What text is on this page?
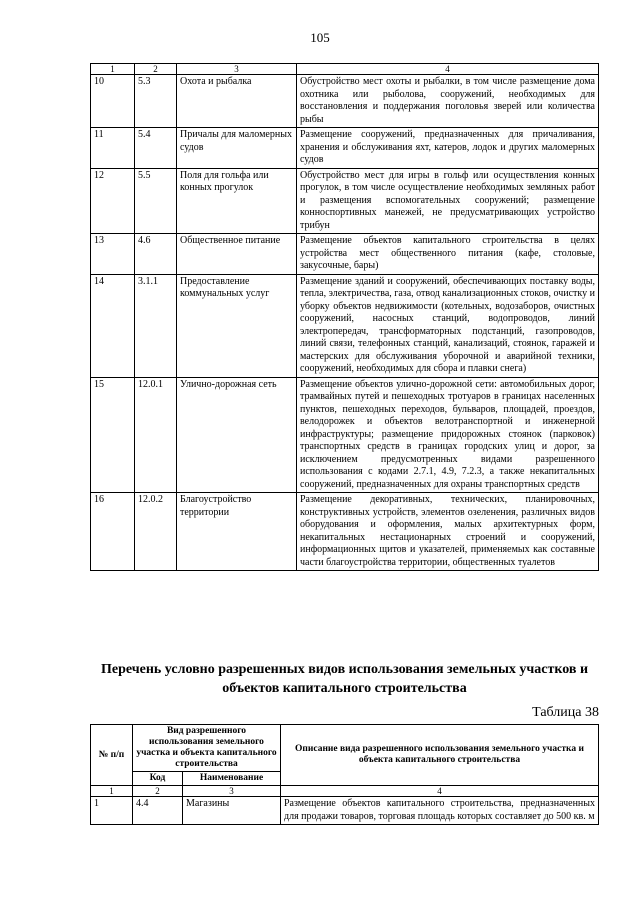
105
1	2	3	4
10	5.3	Охота и рыбалка	Обустройство мест охоты и рыбалки, в том числе размещение дома охотника или рыболова, сооружений, необходимых для восстановления и поддержания поголовья зверей или количества рыбы
11	5.4	Причалы для маломерных судов	Размещение сооружений, предназначенных для причаливания, хранения и обслуживания яхт, катеров, лодок и других маломерных судов
12	5.5	Поля для гольфа или конных прогулок	Обустройство мест для игры в гольф или осуществления конных прогулок, в том числе осуществление необходимых земляных работ и размещения вспомогательных сооружений; размещение конноспортивных манежей, не предусматривающих устройство трибун
13	4.6	Общественное питание	Размещение объектов капитального строительства в целях устройства мест общественного питания (кафе, столовые, закусочные, бары)
14	3.1.1	Предоставление коммунальных услуг	Размещение зданий и сооружений, обеспечивающих поставку воды, тепла, электричества, газа, отвод канализационных стоков, очистку и уборку объектов недвижимости (котельных, водозаборов, очистных сооружений, насосных станций, водопроводов, линий электропередач, трансформаторных подстанций, газопроводов, линий связи, телефонных станций, канализаций, стоянок, гаражей и мастерских для обслуживания уборочной и аварийной техники, сооружений, необходимых для сбора и плавки снега)
15	12.0.1	Улично-дорожная сеть	Размещение объектов улично-дорожной сети: автомобильных дорог, трамвайных путей и пешеходных тротуаров в границах населенных пунктов, пешеходных переходов, бульваров, площадей, проездов, велодорожек и объектов велотранспортной и инженерной инфраструктуры; размещение придорожных стоянок (парковок) транспортных средств в границах городских улиц и дорог, за исключением предусмотренных видами разрешенного использования с кодами 2.7.1, 4.9, 7.2.3, а также некапитальных сооружений, предназначенных для охраны транспортных средств
16	12.0.2	Благоустройство территории	Размещение декоративных, технических, планировочных, конструктивных устройств, элементов озеленения, различных видов оборудования и оформления, малых архитектурных форм, некапитальных нестационарных строений и сооружений, информационных щитов и указателей, применяемых как составные части благоустройства территории, общественных туалетов
Перечень условно разрешенных видов использования земельных участков и объектов капитального строительства
Таблица 38
№ п/п	Вид разрешенного использования земельного участка и объекта капитального строительства		Описание вида разрешенного использования земельного участка и объекта капитального строительства
	Код	Наименование	
1	2	3	4
1	4.4	Магазины	Размещение объектов капитального строительства, предназначенных для продажи товаров, торговая площадь которых составляет до 500 кв. м
